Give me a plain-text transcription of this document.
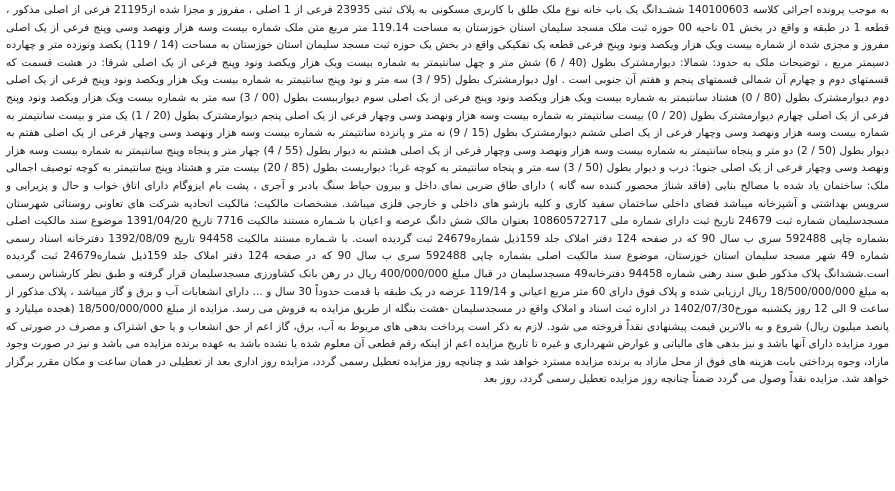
به موجب پرونده اجرائی کلاسه 140100603 ششـدانگ یک باب خانه نوع ملک طلق با کاربری مسکونی به پلاک ثبتی 23935 فرعی از 1 اصلی ، مفروز و مجزا شده از21195 فرعی از اصلی مذکور ، قطعه 1 در طبقه و واقع در بخش 01 ناحیه 00 حوزه ثبت ملک مسجد سلیمان استان خوزستان به مساحت 119.14 متر مربع متن ملک شماره بیست وسه هزار ونهصد وسی وپنج فرعی از یک اصلی مفروز و مجزی شده از شماره بیست ویک هزار ویکصد ونود وپنج فرعی قطعه یک تفکیکی واقع در بخش یک حوزه ثبت مسجد سلیمان استان خوزستان به مساحت (14 / 119) یکصد ونوزده متر و چهارده دسیمتر مربع ، توضیحات ملک به حدود: شمالا: دیوارمشترک بطول (40 / 6) شش متر و چهل سانتیمتر به شماره بیست ویک هزار ویکصد ونود وپنج فرعی از یک اصلی شرقا: در هشت قسمت که قسمتهای دوم و چهارم آن شمالی قسمتهای پنجم و هفتم آن جنوبی است . اول دیوارمشترک بطول (95 / 3) سه متر و نود وپنج سانتیمتر به شماره بیست ویک هزار ویکصد ونود وپنج فرعی از یک اصلی دوم دیوارمشترک بطول (80 / 0) هشتاد سانتیمتر به شماره بیست ویک هزار ویکصد ونود وپنج فرعی از یک اصلی سوم دیوارببست بطول (00 / 3) سه متر به شماره بیست ویک هزار ویکصد ونود وپنج فرعی از یک اصلی چهارم دیوارمشترک بطول (20 / 0) بیست سانتیمتر به شماره بیست وسه هزار ونهصد وسی وچهار فرعی از یک اصلی پنجم دیوارمشترک بطول (20 / 1) یک متر و بیست سانتیمتر به شماره بیست وسه هزار ونهصد وسی وچهار فرعی از یک اصلی ششم دیوارمشترک بطول (15 / 9) نه متر و پانزده سانتیمتر به شماره بیست وسه هزار ونهصد وسی وچهار فرعی از یک اصلی هفتم به دیوار بطول (50 / 2) دو متر و پنجاه سانتیمتر به شماره بیست وسه هزار ونهصد وسی وچهار فرعی از یک اصلی هشتم به دیوار بطول (55 / 4) چهار متر و پنجاه وپنج سانتیمتر به شماره بیست وسه هزار ونهصد وسی وچهار فرعی از یک اصلی جنوبا: درب و دیوار بطول (50 / 3) سه متر و پنجاه سانتیمتر به کوچه غربا: دیواربست بطول (85 / 20) بیست متر و هشتاد وپنج سانتیمتر به کوچه توصیف اجمالی ملک: ساختمان یاد شده با مصالح بنایی (فاقد شناژ محصور کننده سه گانه ) دارای طاق ضربی نمای داخل و بیرون حیاط سنگ بادبر و آجری ، پشت بام ایزوگام دارای اتاق خواب و حال و پزیرایی و سرویس بهداشتی و آشپزخانه میباشد فضای داخلی ساختمان سفید کاری و کلیه بازشو های داخلی و خارجی فلزی میباشد. مشخصات مالکیت: مالکیت اتحادیه شرکت های تعاونی روستائی شهرستان مسجدسلیمان شماره ثبت 24679 تاریخ ثبت دارای شماره ملی 10860572717 بعنوان مالک شش دانگ عرصه و اعیان با شـماره مستند مالکیت 7716 تاریخ 1391/04/20 موضوع سند مالکیت اصلی بشماره چاپی 592488 سری ب سال 90 که در صفحه 124 دفتر املاک جلد 159ذیل شماره24679 ثبت گردیده است. با شـماره مستند مالکیت 94458 تاریخ 1392/08/09 دفترخانه اسناد رسمی شماره 49 شهر مسجد سلیمان استان خوزستان، موضوع سند مالکیت اصلی بشماره چاپی 592488 سری ب سال 90 که در صفحه 124 دفتر املاک جلد 159ذیل شماره24679 ثبت گردیده است.ششدانگ پلاک مذکور طبق سند رهنی شماره 94458 دفترخانه49 مسجدسلیمان در قبال مبلغ 400/000/000 ریال در رهن بانک کشاورزی مسجدسلیمان قرار گرفته و طبق نظر کارشناس رسمی به مبلغ 18/500/000/000 ریال ارزیابی شده و پلاک فوق دارای 60 متر مربع اعیانی و 119/14 عرصه در یک طبقه با قدمت حدوداً 30 سال و ... دارای انشعابات آب و برق و گاز میباشد ، پلاک مذکور از ساعت 9 الی 12 روز یکشنبه مورخ1402/07/30 در اداره ثبت اسناد و املاک واقع در مسجدسلیمان -هشت بنگله از طریق مزایده به فروش می رسد. مزایده از مبلغ 18/500/000/000 (هجده میلیارد و پانصد میلیون ریال) شروع و به بالاترین قیمت پیشنهادی نقداً فروخته می شود. لازم به ذکر است پرداخت بدهی های مربوط به آب، برق، گاز اعم از حق انشعاب و یا حق اشتراک و مصرف در صورتی که مورد مزایده دارای آنها باشد و نیز بدهی های مالیاتی و عوارض شهرداری و غیره تا تاریخ مزایده اعم از اینکه رقم قطعی آن معلوم شده یا نشده باشد به عهده برنده مزایده می باشد و نیز در صورت وجود مازاد، وجوه پرداختی بابت هزینه های فوق از محل مازاد به برنده مزایده مسترد خواهد شد و چنانچه روز مزایده تعطیل رسمی گردد، مزایده روز اداری بعد از تعطیلی در همان ساعت و مکان مقرر برگزار خواهد شد. مزایده نقداً وصول می گردد ضمناً چنانچه روز مزایده تعطیل رسمی گردد، روز بعد
